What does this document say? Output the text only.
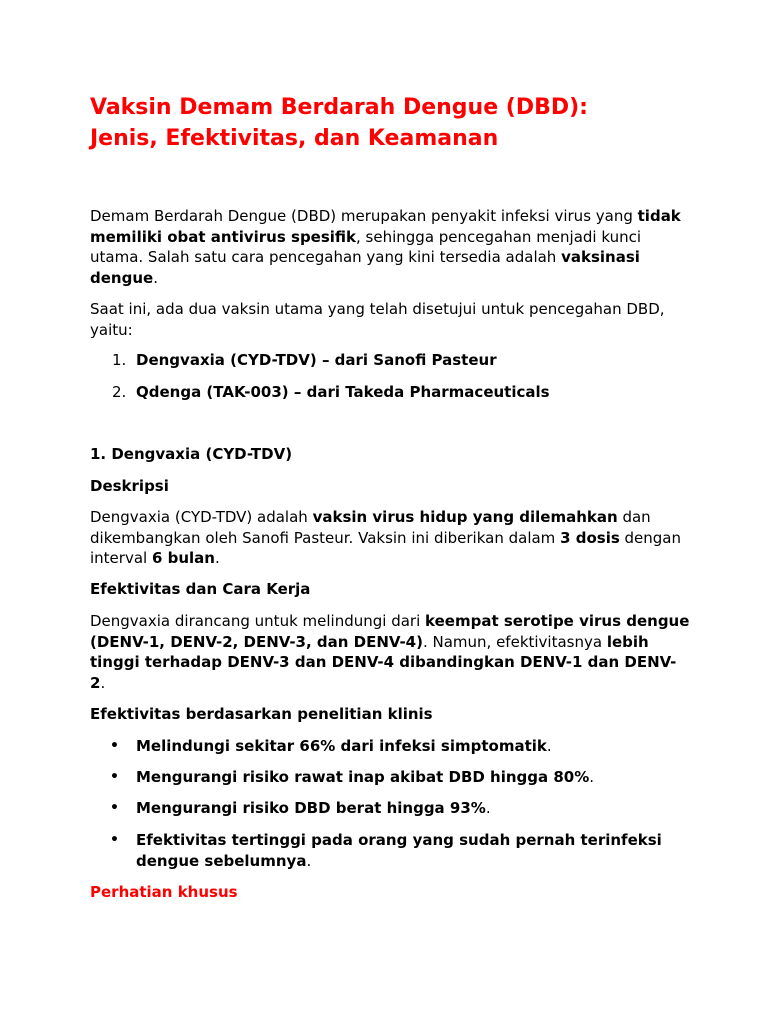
Vaksin Demam Berdarah Dengue (DBD):
Jenis, Efektivitas, dan Keamanan

Demam Berdarah Dengue (DBD) merupakan penyakit infeksi virus yang tidak memiliki obat antivirus spesifik, sehingga pencegahan menjadi kunci utama. Salah satu cara pencegahan yang kini tersedia adalah vaksinasi dengue.

Saat ini, ada dua vaksin utama yang telah disetujui untuk pencegahan DBD, yaitu:

1. Dengvaxia (CYD-TDV) – dari Sanofi Pasteur

2. Qdenga (TAK-003) – dari Takeda Pharmaceuticals

1. Dengvaxia (CYD-TDV)
Deskripsi

Dengvaxia (CYD-TDV) adalah vaksin virus hidup yang dilemahkan dan dikembangkan oleh Sanofi Pasteur. Vaksin ini diberikan dalam 3 dosis dengan interval 6 bulan.

Efektivitas dan Cara Kerja

Dengvaxia dirancang untuk melindungi dari keempat serotipe virus dengue (DENV-1, DENV-2, DENV-3, dan DENV-4). Namun, efektivitasnya lebih tinggi terhadap DENV-3 dan DENV-4 dibandingkan DENV-1 dan DENV-2.

Efektivitas berdasarkan penelitian klinis
• Melindungi sekitar 66% dari infeksi simptomatik.

• Mengurangi risiko rawat inap akibat DBD hingga 80%.

• Mengurangi risiko DBD berat hingga 93%.

• Efektivitas tertinggi pada orang yang sudah pernah terinfeksi dengue sebelumnya.

Perhatian khusus
